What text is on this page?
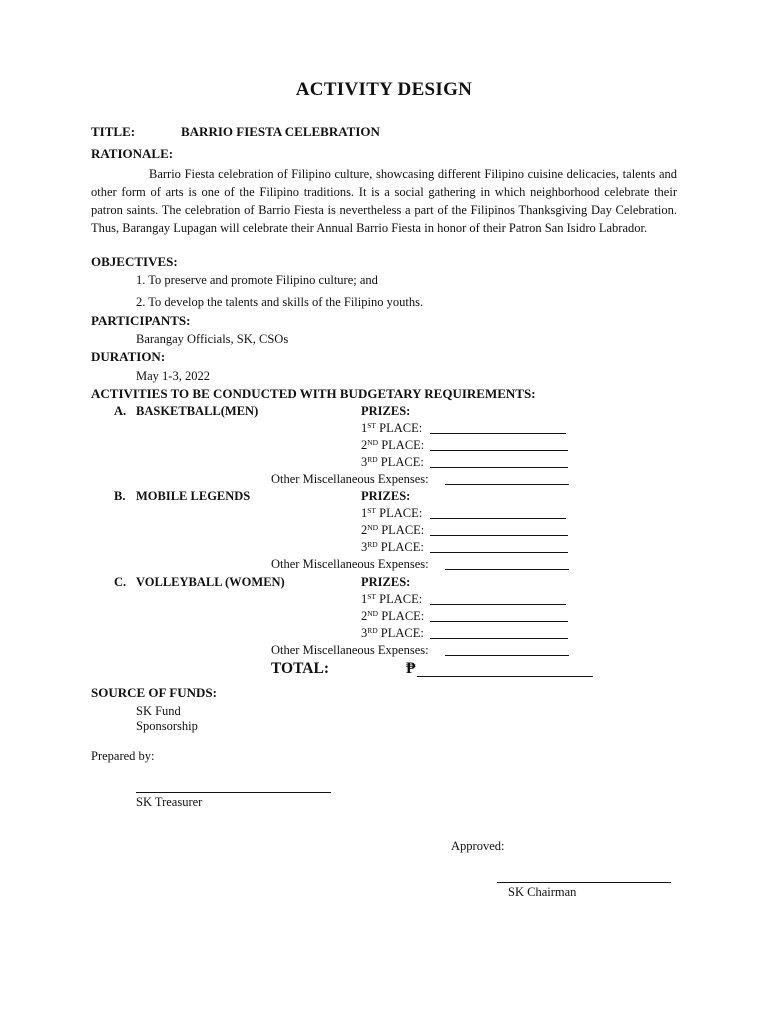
ACTIVITY DESIGN
TITLE:	BARRIO FIESTA CELEBRATION
RATIONALE:
Barrio Fiesta celebration of Filipino culture, showcasing different Filipino cuisine delicacies, talents and other form of arts is one of the Filipino traditions. It is a social gathering in which neighborhood celebrate their patron saints. The celebration of Barrio Fiesta is nevertheless a part of the Filipinos Thanksgiving Day Celebration. Thus, Barangay Lupagan will celebrate their Annual Barrio Fiesta in honor of their Patron San Isidro Labrador.
OBJECTIVES:
1. To preserve and promote Filipino culture; and
2. To develop the talents and skills of the Filipino youths.
PARTICIPANTS:
Barangay Officials, SK, CSOs
DURATION:
May 1-3, 2022
ACTIVITIES TO BE CONDUCTED WITH BUDGETARY REQUIREMENTS:
A. BASKETBALL(MEN)	PRIZES:
1ST PLACE:
2ND PLACE:
3RD PLACE:
Other Miscellaneous Expenses:
B. MOBILE LEGENDS	PRIZES:
1ST PLACE:
2ND PLACE:
3RD PLACE:
Other Miscellaneous Expenses:
C. VOLLEYBALL (WOMEN)	PRIZES:
1ST PLACE:
2ND PLACE:
3RD PLACE:
Other Miscellaneous Expenses:
TOTAL:	₱
SOURCE OF FUNDS:
SK Fund
Sponsorship
Prepared by:
SK Treasurer
Approved:
SK Chairman
